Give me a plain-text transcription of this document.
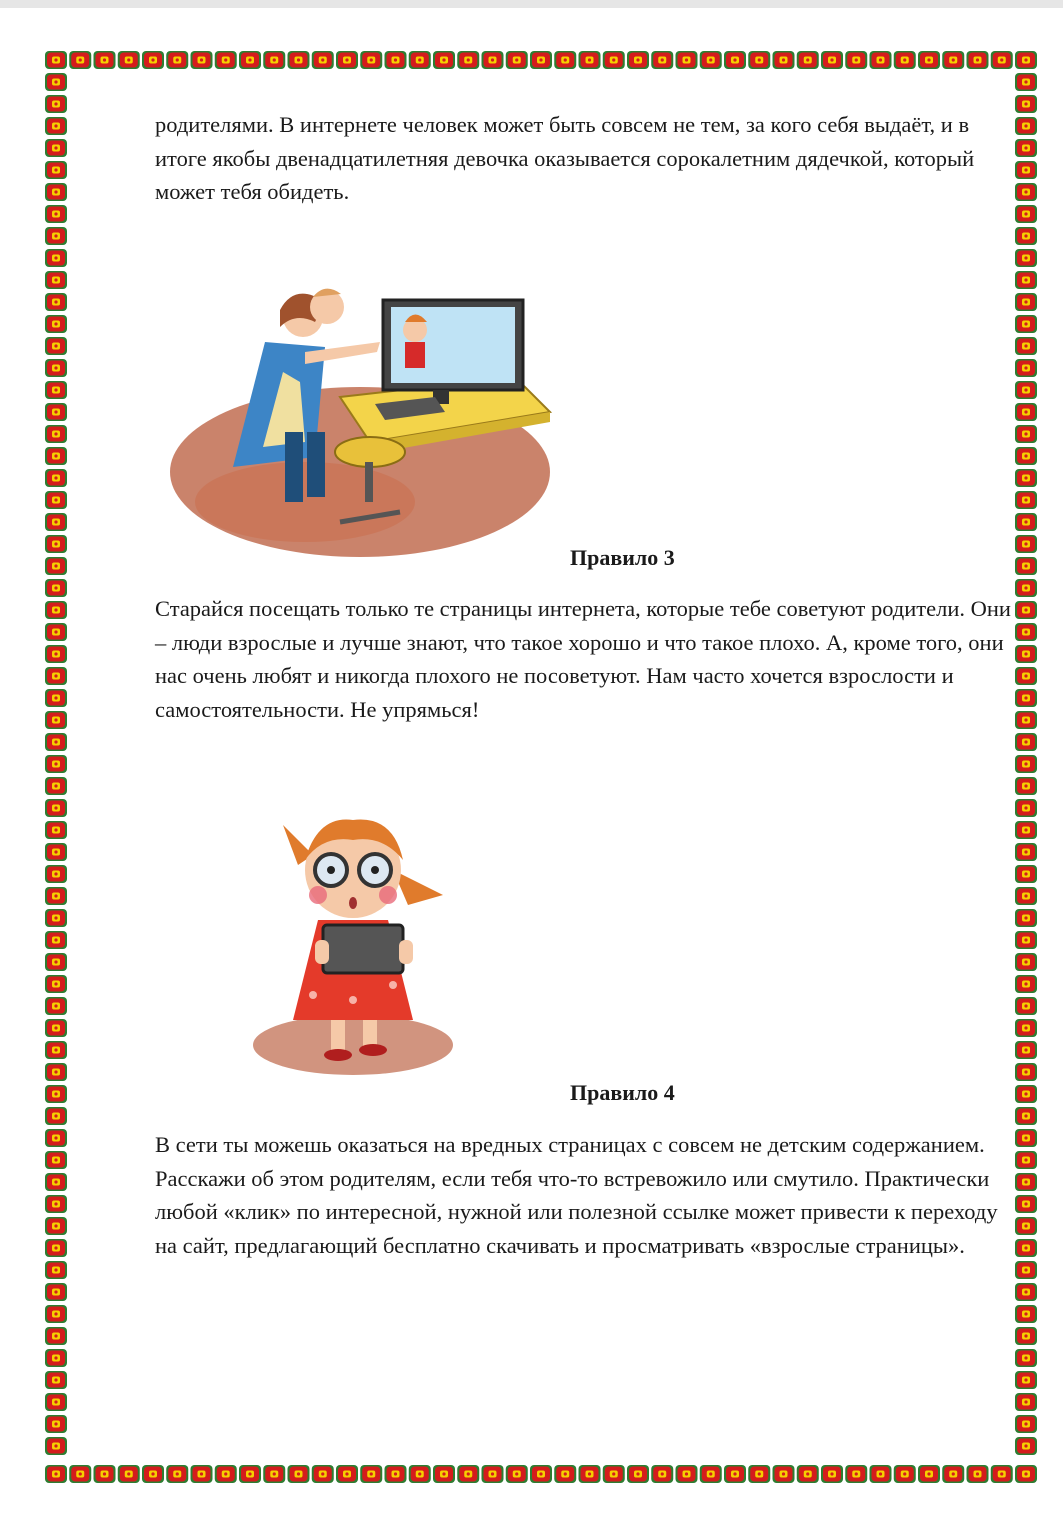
родителями. В интернете человек может быть совсем не тем, за кого себя выдаёт, и в итоге якобы двенадцатилетняя девочка оказывается сорокалетним дядечкой, который может тебя обидеть.

Правило 3

Старайся посещать только те страницы интернета, которые тебе советуют родители. Они – люди взрослые и лучше знают, что такое хорошо и что такое плохо. А, кроме того, они нас очень любят и никогда плохого не посоветуют. Нам часто хочется взрослости и самостоятельности. Не упрямься!

Правило 4

В сети ты можешь оказаться на вредных страницах с совсем не детским содержанием. Расскажи об этом родителям, если тебя что-то встревожило или смутило. Практически любой «клик» по интересной, нужной или полезной ссылке может привести к переходу на сайт, предлагающий бесплатно скачивать и просматривать «взрослые страницы».
